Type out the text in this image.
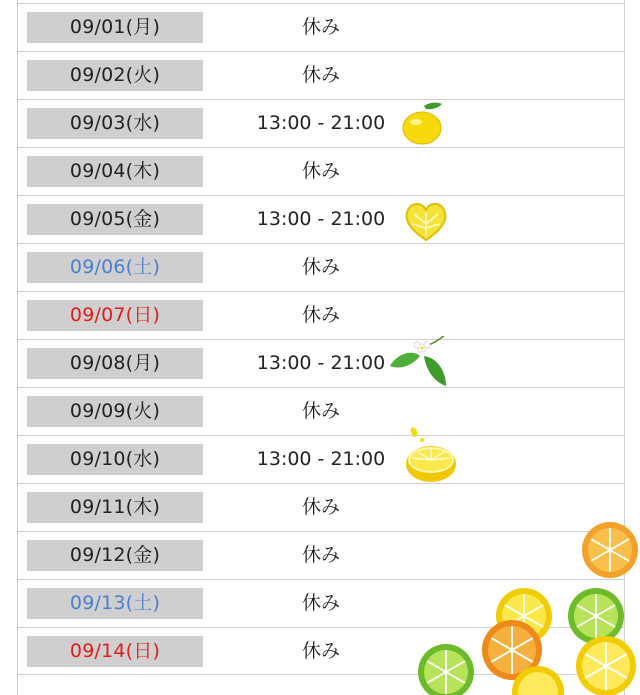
09/01(月)	休み
09/02(火)	休み
09/03(水)	13:00 - 21:00
09/04(木)	休み
09/05(金)	13:00 - 21:00
09/06(土)	休み
09/07(日)	休み
09/08(月)	13:00 - 21:00
09/09(火)	休み
09/10(水)	13:00 - 21:00
09/11(木)	休み
09/12(金)	休み
09/13(土)	休み
09/14(日)	休み
